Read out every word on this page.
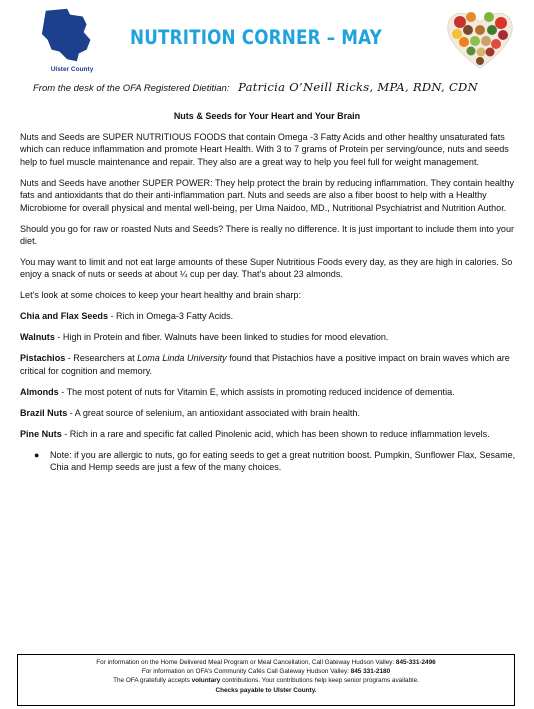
Ulster County
NUTRITION CORNER – MAY
From the desk of the OFA Registered Dietitian: Patricia O’Neill Ricks, MPA, RDN, CDN
Nuts & Seeds for Your Heart and Your Brain

Nuts and Seeds are SUPER NUTRITIOUS FOODS that contain Omega -3 Fatty Acids and other healthy unsaturated fats which can reduce inflammation and promote Heart Health. With 3 to 7 grams of Protein per serving/ounce, nuts and seeds help to fuel muscle maintenance and repair. They also are a great way to help you feel full for weight management.

Nuts and Seeds have another SUPER POWER: They help protect the brain by reducing inflammation. They contain healthy fats and antioxidants that do their anti-inflammation part. Nuts and seeds are also a fiber boost to help with a Healthy Microbiome for overall physical and mental well-being, per Uma Naidoo, MD., Nutritional Psychiatrist and Nutrition Author.

Should you go for raw or roasted Nuts and Seeds? There is really no difference. It is just important to include them into your diet.

You may want to limit and not eat large amounts of these Super Nutritious Foods every day, as they are high in calories. So enjoy a snack of nuts or seeds at about ¼ cup per day. That’s about 23 almonds.

Let’s look at some choices to keep your heart healthy and brain sharp:

Chia and Flax Seeds - Rich in Omega-3 Fatty Acids.

Walnuts - High in Protein and fiber. Walnuts have been linked to studies for mood elevation.

Pistachios - Researchers at Loma Linda University found that Pistachios have a positive impact on brain waves which are critical for cognition and memory.

Almonds - The most potent of nuts for Vitamin E, which assists in promoting reduced incidence of dementia.

Brazil Nuts - A great source of selenium, an antioxidant associated with brain health.

Pine Nuts - Rich in a rare and specific fat called Pinolenic acid, which has been shown to reduce inflammation levels.

●	Note: if you are allergic to nuts, go for eating seeds to get a great nutrition boost. Pumpkin, Sunflower Flax, Sesame, Chia and Hemp seeds are just a few of the many choices.
For information on the Home Delivered Meal Program or Meal Cancellation, Call Gateway Hudson Valley: 845-331-2496
For information on OFA’s Community Cafés Call Gateway Hudson Valley: 845 331-2180
The OFA gratefully accepts voluntary contributions. Your contributions help keep senior programs available.
Checks payable to Ulster County.
